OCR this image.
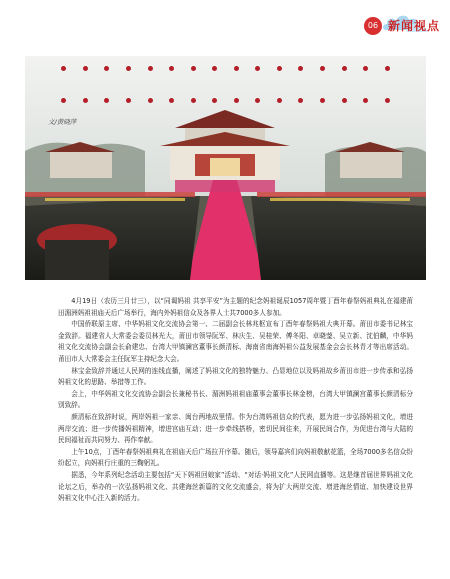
06 新闻视点
文/黄晓萍

4月19日（农历三月廿三），以“同谒妈祖 共享平安”为主题的纪念妈祖诞辰1057周年暨丁酉年春祭妈祖典礼在福建莆田湄洲妈祖祖庙天后广场举行，海内外妈祖信众及各界人士共7000多人参加。

中国侨联原主席、中华妈祖文化交流协会第一、二届副会长林兆枢宣布丁酉年春祭妈祖大典开幕。莆田市委书记林宝金致辞。福建省人大常委会委员林光大，莆田市领导阮军、林庆生、吴桂荣、傅冬阳、卓晓蓥、吴立新、沈伯麟，中华妈祖文化交流协会副会长俞建忠、台湾大甲镇澜宫董事长颜清标、海南省南海妈祖公益发展基金会会长林青才等出席活动。莆田市人大常委会主任阮军主持纪念大会。

林宝金致辞并通过人民网的连线直播，阐述了妈祖文化的独特魅力、凸显地位以及妈祖故乡莆田市进一步传承和弘扬妈祖文化的思路、举措等工作。

会上，中华妈祖文化交流协会副会长兼秘书长、湄洲妈祖祖庙董事会董事长林金榜，台湾大甲镇澜宫董事长颜清标分别致辞。

颜清标在致辞时说，两岸妈祖一家亲、闽台两地故里情。作为台湾妈祖信众的代表，愿为进一步弘扬妈祖文化，增进两岸交流；进一步传播妈祖精神，增进宫庙互动；进一步牵线搭桥，密切民间往来，开展民间合作，为促进台湾与大陆的民间福祉而共同努力、再作奉献。

上午10点，丁酉年春祭妈祖典礼在祖庙天后广场拉开序幕。随后，领导嘉宾们向妈祖敬献花篮，全场7000多名信众纷纷起立，向妈祖行庄重的三鞠躬礼。

据悉，今年系列纪念活动主要包括“天下妈祖回娘家”活动、“对话·妈祖文化”人民网直播等。这是继首届世界妈祖文化论坛之后，举办的一次弘扬妈祖文化、共建海丝新篇的文化交流盛会，将为扩大两岸交流、增进海丝情谊、加快建设世界妈祖文化中心注入新的活力。
